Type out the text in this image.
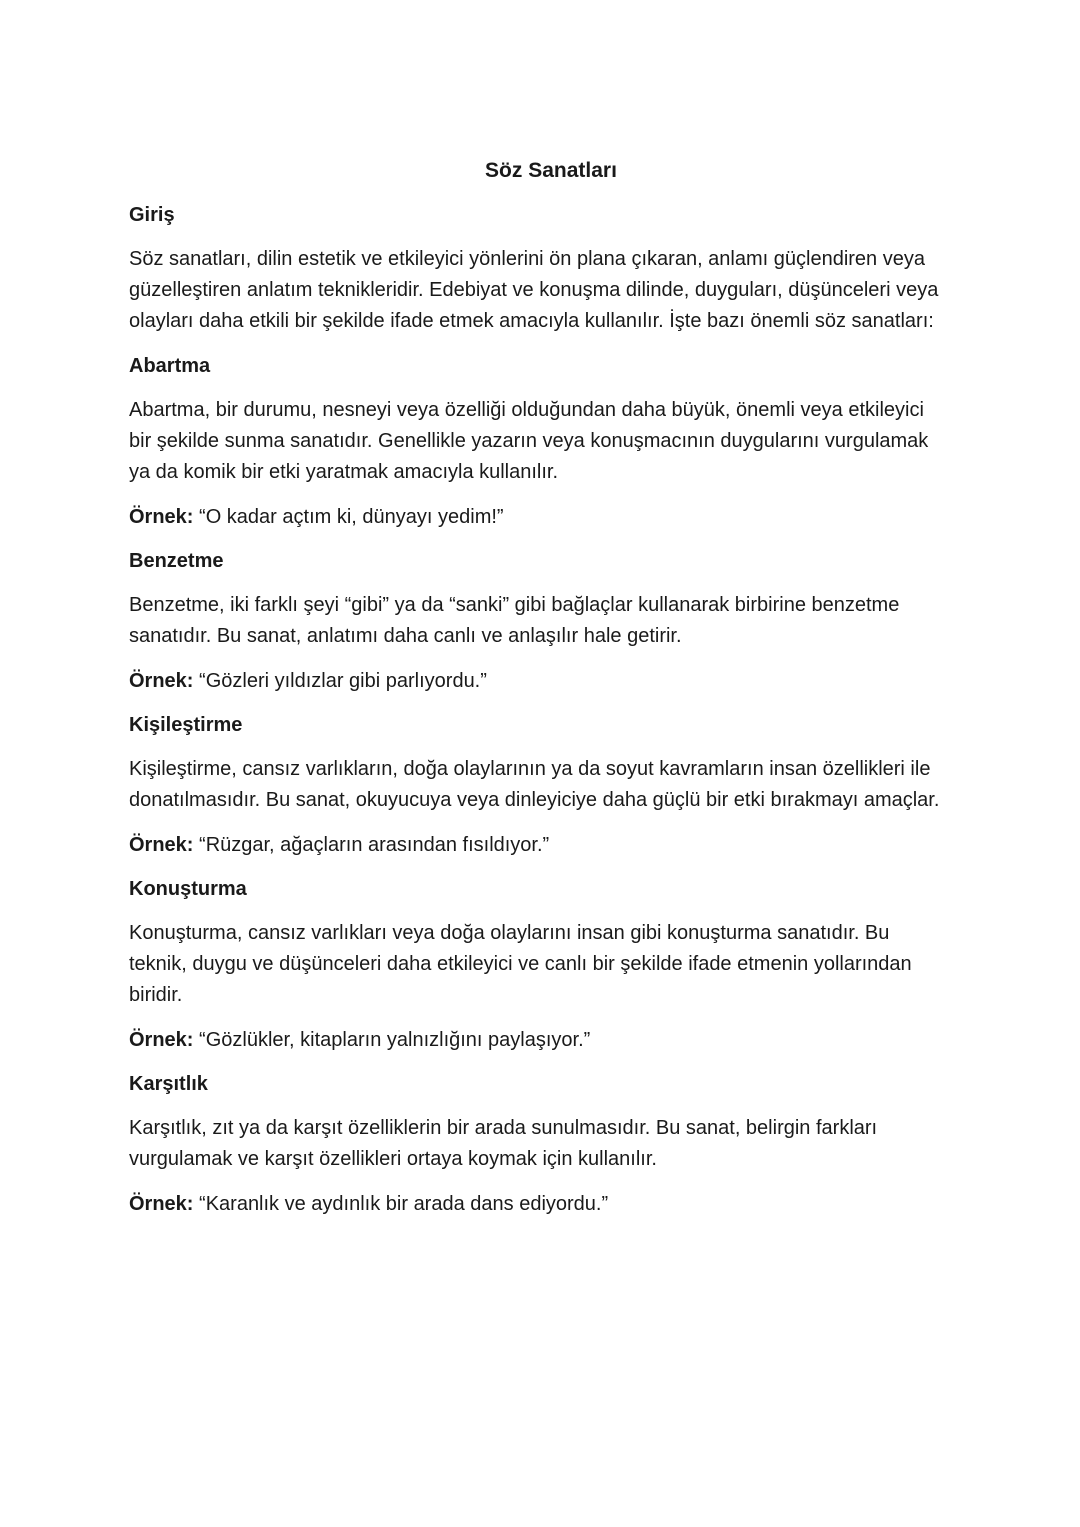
Söz Sanatları
Giriş

Söz sanatları, dilin estetik ve etkileyici yönlerini ön plana çıkaran, anlamı güçlendiren veya güzelleştiren anlatım teknikleridir. Edebiyat ve konuşma dilinde, duyguları, düşünceleri veya olayları daha etkili bir şekilde ifade etmek amacıyla kullanılır. İşte bazı önemli söz sanatları:

Abartma

Abartma, bir durumu, nesneyi veya özelliği olduğundan daha büyük, önemli veya etkileyici bir şekilde sunma sanatıdır. Genellikle yazarın veya konuşmacının duygularını vurgulamak ya da komik bir etki yaratmak amacıyla kullanılır.

Örnek: “O kadar açtım ki, dünyayı yedim!”

Benzetme

Benzetme, iki farklı şeyi “gibi” ya da “sanki” gibi bağlaçlar kullanarak birbirine benzetme sanatıdır. Bu sanat, anlatımı daha canlı ve anlaşılır hale getirir.

Örnek: “Gözleri yıldızlar gibi parlıyordu.”

Kişileştirme

Kişileştirme, cansız varlıkların, doğa olaylarının ya da soyut kavramların insan özellikleri ile donatılmasıdır. Bu sanat, okuyucuya veya dinleyiciye daha güçlü bir etki bırakmayı amaçlar.

Örnek: “Rüzgar, ağaçların arasından fısıldıyor.”

Konuşturma

Konuşturma, cansız varlıkları veya doğa olaylarını insan gibi konuşturma sanatıdır. Bu teknik, duygu ve düşünceleri daha etkileyici ve canlı bir şekilde ifade etmenin yollarından biridir.

Örnek: “Gözlükler, kitapların yalnızlığını paylaşıyor.”

Karşıtlık

Karşıtlık, zıt ya da karşıt özelliklerin bir arada sunulmasıdır. Bu sanat, belirgin farkları vurgulamak ve karşıt özellikleri ortaya koymak için kullanılır.

Örnek: “Karanlık ve aydınlık bir arada dans ediyordu.”
